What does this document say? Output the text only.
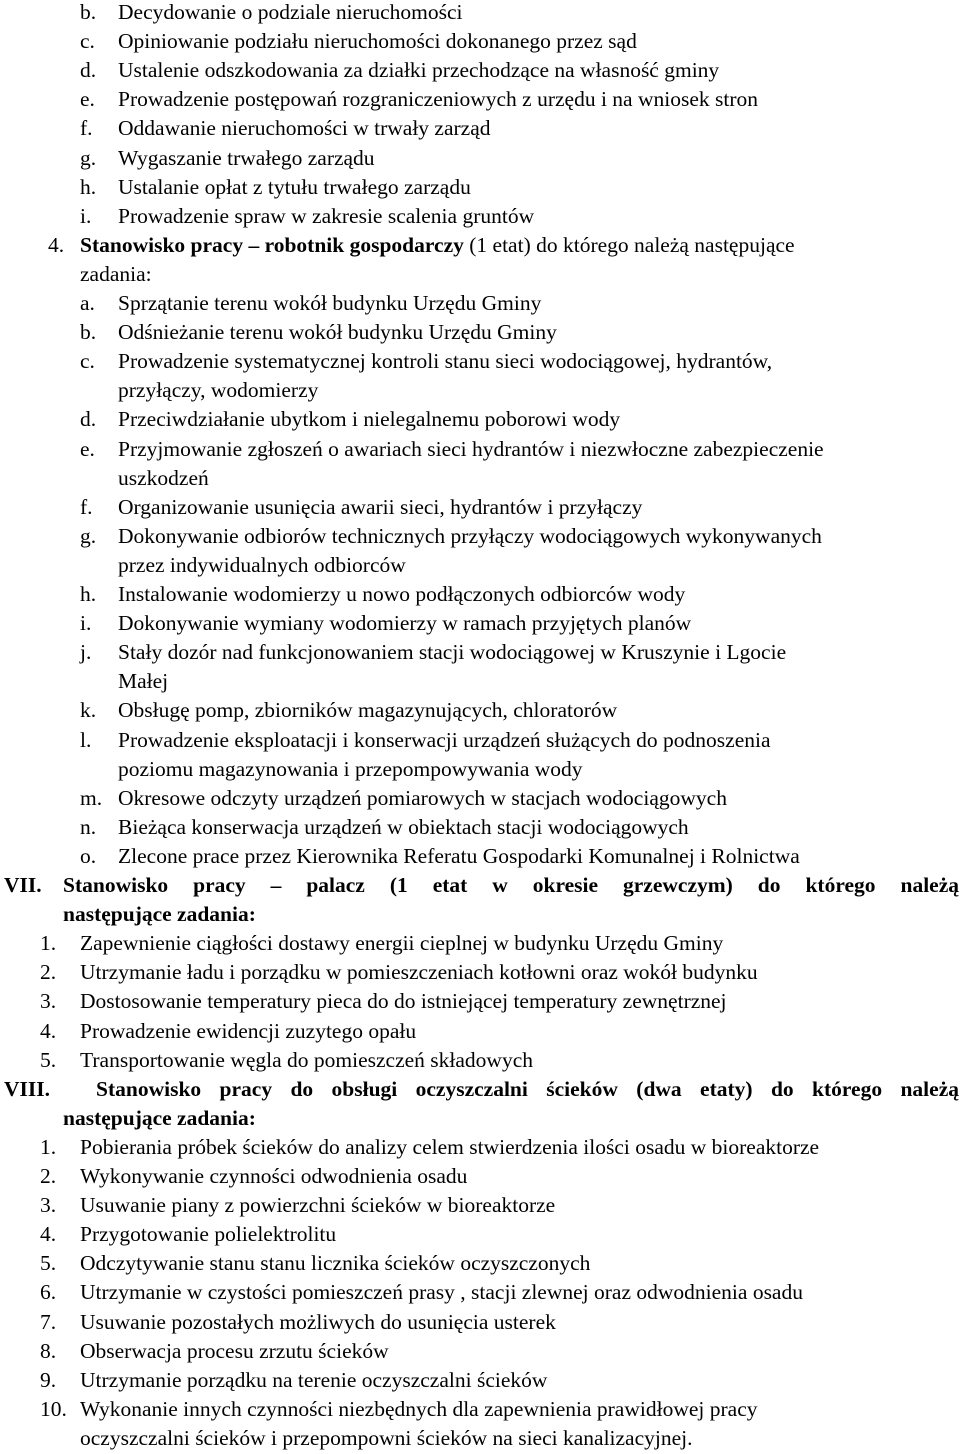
b.	Decydowanie o podziale nieruchomości
c.	Opiniowanie podziału nieruchomości dokonanego przez sąd
d.	Ustalenie odszkodowania za działki przechodzące na własność gminy
e.	Prowadzenie postępowań rozgraniczeniowych z urzędu i na wniosek stron
f.	Oddawanie nieruchomości w trwały zarząd
g.	Wygaszanie trwałego zarządu
h.	Ustalanie opłat z tytułu trwałego zarządu
i.	Prowadzenie spraw w zakresie scalenia gruntów
4. Stanowisko pracy – robotnik gospodarczy (1 etat) do którego należą następujące
zadania:
a.	Sprzątanie terenu wokół budynku Urzędu Gminy
b.	Odśnieżanie terenu wokół budynku Urzędu Gminy
c.	Prowadzenie systematycznej kontroli stanu sieci wodociągowej, hydrantów,
przyłączy, wodomierzy
d.	Przeciwdziałanie ubytkom i nielegalnemu poborowi wody
e.	Przyjmowanie zgłoszeń o awariach sieci hydrantów i niezwłoczne zabezpieczenie
uszkodzeń
f.	Organizowanie usunięcia awarii sieci, hydrantów i przyłączy
g.	Dokonywanie odbiorów technicznych przyłączy wodociągowych wykonywanych
przez indywidualnych odbiorców
h.	Instalowanie wodomierzy u nowo podłączonych odbiorców wody
i.	Dokonywanie wymiany wodomierzy w ramach przyjętych planów
j.	Stały dozór nad funkcjonowaniem stacji wodociągowej w Kruszynie i Lgocie
Małej
k.	Obsługę pomp, zbiorników magazynujących, chloratorów
l.	Prowadzenie eksploatacji i konserwacji urządzeń służących do podnoszenia
poziomu magazynowania i przepompowywania wody
m. Okresowe odczyty urządzeń pomiarowych w stacjach wodociągowych
n.	Bieżąca konserwacja urządzeń w obiektach stacji wodociągowych
o.	Zlecone prace przez Kierownika Referatu Gospodarki Komunalnej i Rolnictwa
VII. Stanowisko pracy – palacz (1 etat w okresie grzewczym) do którego należą
następujące zadania:
1.	Zapewnienie ciągłości dostawy energii cieplnej w budynku Urzędu Gminy
2.	Utrzymanie ładu i porządku w pomieszczeniach kotłowni oraz wokół budynku
3.	Dostosowanie temperatury pieca do do istniejącej temperatury zewnętrznej
4.	Prowadzenie ewidencji zuzytego opału
5.	Transportowanie węgla do pomieszczeń składowych
VIII.	Stanowisko pracy do obsługi oczyszczalni ścieków (dwa etaty) do którego należą
następujące zadania:
1.	Pobierania próbek ścieków do analizy celem stwierdzenia ilości osadu w bioreaktorze
2.	Wykonywanie czynności odwodnienia osadu
3.	Usuwanie piany z powierzchni ścieków w bioreaktorze
4.	Przygotowanie polielektrolitu
5.	Odczytywanie stanu stanu licznika ścieków oczyszczonych
6.	Utrzymanie w czystości pomieszczeń prasy , stacji zlewnej oraz odwodnienia osadu
7.	Usuwanie pozostałych możliwych do usunięcia usterek
8.	Obserwacja procesu zrzutu ścieków
9.	Utrzymanie porządku na terenie oczyszczalni ścieków
10. Wykonanie innych czynności niezbędnych dla zapewnienia prawidłowej pracy
oczyszczalni ścieków i przepompowni ścieków na sieci kanalizacyjnej.
